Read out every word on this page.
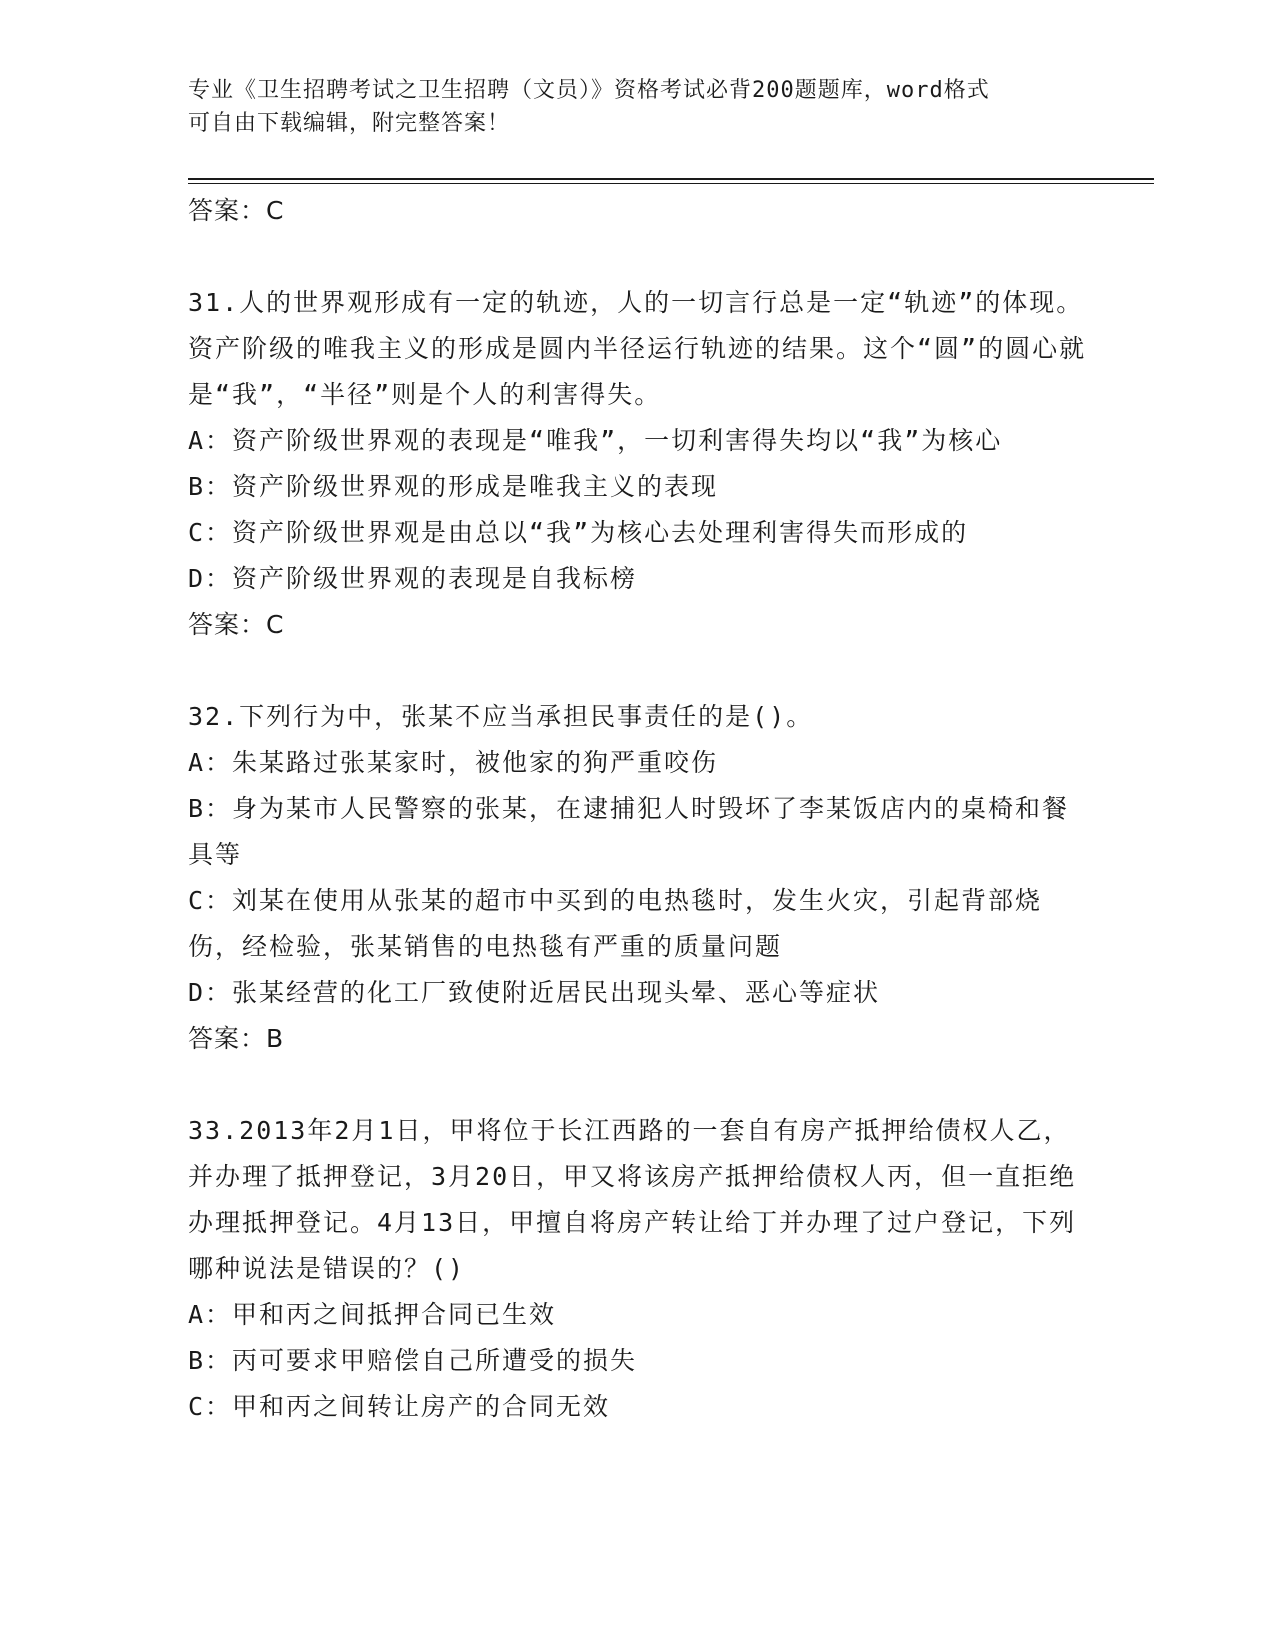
专业《卫生招聘考试之卫生招聘（文员）》资格考试必背200题题库，word格式
可自由下载编辑，附完整答案！
答案：C
31.人的世界观形成有一定的轨迹，人的一切言行总是一定“轨迹”的体现。资产阶级的唯我主义的形成是圆内半径运行轨迹的结果。这个“圆”的圆心就是“我”，“半径”则是个人的利害得失。
A：资产阶级世界观的表现是“唯我”，一切利害得失均以“我”为核心
B：资产阶级世界观的形成是唯我主义的表现
C：资产阶级世界观是由总以“我”为核心去处理利害得失而形成的
D：资产阶级世界观的表现是自我标榜
答案：C
32.下列行为中，张某不应当承担民事责任的是()。
A：朱某路过张某家时，被他家的狗严重咬伤
B：身为某市人民警察的张某，在逮捕犯人时毁坏了李某饭店内的桌椅和餐具等
C：刘某在使用从张某的超市中买到的电热毯时，发生火灾，引起背部烧伤，经检验，张某销售的电热毯有严重的质量问题
D：张某经营的化工厂致使附近居民出现头晕、恶心等症状
答案：B
33.2013年2月1日，甲将位于长江西路的一套自有房产抵押给债权人乙，并办理了抵押登记，3月20日，甲又将该房产抵押给债权人丙，但一直拒绝办理抵押登记。4月13日，甲擅自将房产转让给丁并办理了过户登记，下列哪种说法是错误的？()
A：甲和丙之间抵押合同已生效
B：丙可要求甲赔偿自己所遭受的损失
C：甲和丙之间转让房产的合同无效
